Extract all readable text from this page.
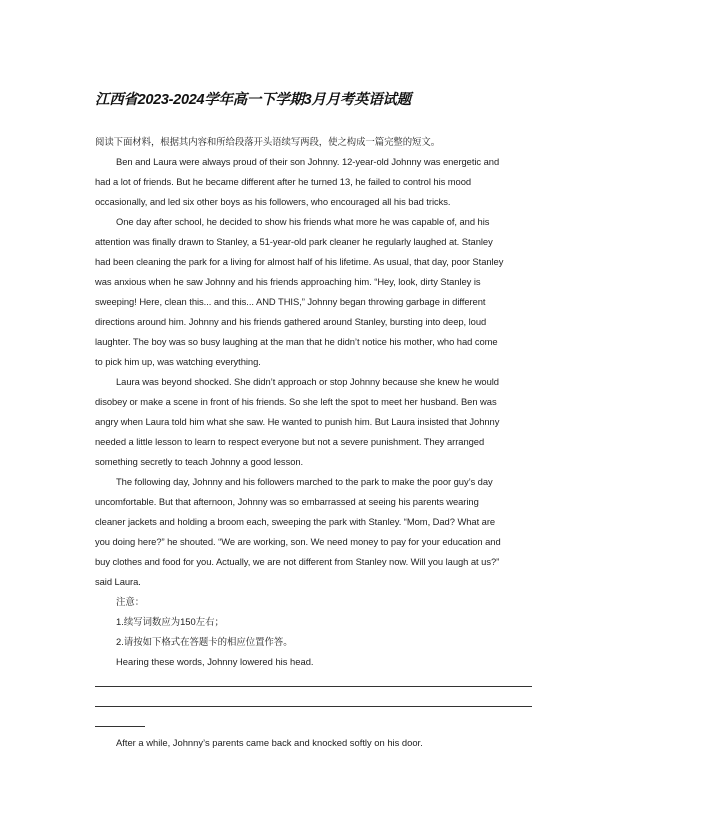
江西省2023-2024学年高一下学期3月月考英语试题
阅读下面材料，根据其内容和所给段落开头语续写两段，使之构成一篇完整的短文。
Ben and Laura were always proud of their son Johnny. 12-year-old Johnny was energetic and
had a lot of friends. But he became different after he turned 13, he failed to control his mood
occasionally, and led six other boys as his followers, who encouraged all his bad tricks.
One day after school, he decided to show his friends what more he was capable of, and his
attention was finally drawn to Stanley, a 51-year-old park cleaner he regularly laughed at. Stanley
had been cleaning the park for a living for almost half of his lifetime. As usual, that day, poor Stanley
was anxious when he saw Johnny and his friends approaching him. “Hey, look, dirty Stanley is
sweeping! Here, clean this... and this... AND THIS,” Johnny began throwing garbage in different
directions around him. Johnny and his friends gathered around Stanley, bursting into deep, loud
laughter. The boy was so busy laughing at the man that he didn’t notice his mother, who had come
to pick him up, was watching everything.
Laura was beyond shocked. She didn’t approach or stop Johnny because she knew he would
disobey or make a scene in front of his friends. So she left the spot to meet her husband. Ben was
angry when Laura told him what she saw. He wanted to punish him. But Laura insisted that Johnny
needed a little lesson to learn to respect everyone but not a severe punishment. They arranged
something secretly to teach Johnny a good lesson.
The following day, Johnny and his followers marched to the park to make the poor guy’s day
uncomfortable. But that afternoon, Johnny was so embarrassed at seeing his parents wearing
cleaner jackets and holding a broom each, sweeping the park with Stanley. “Mom, Dad? What are
you doing here?” he shouted. “We are working, son. We need money to pay for your education and
buy clothes and food for you. Actually, we are not different from Stanley now. Will you laugh at us?”
said Laura.
注意：
1.续写词数应为150左右；
2.请按如下格式在答题卡的相应位置作答。
Hearing these words, Johnny lowered his head.
After a while, Johnny’s parents came back and knocked softly on his door.
